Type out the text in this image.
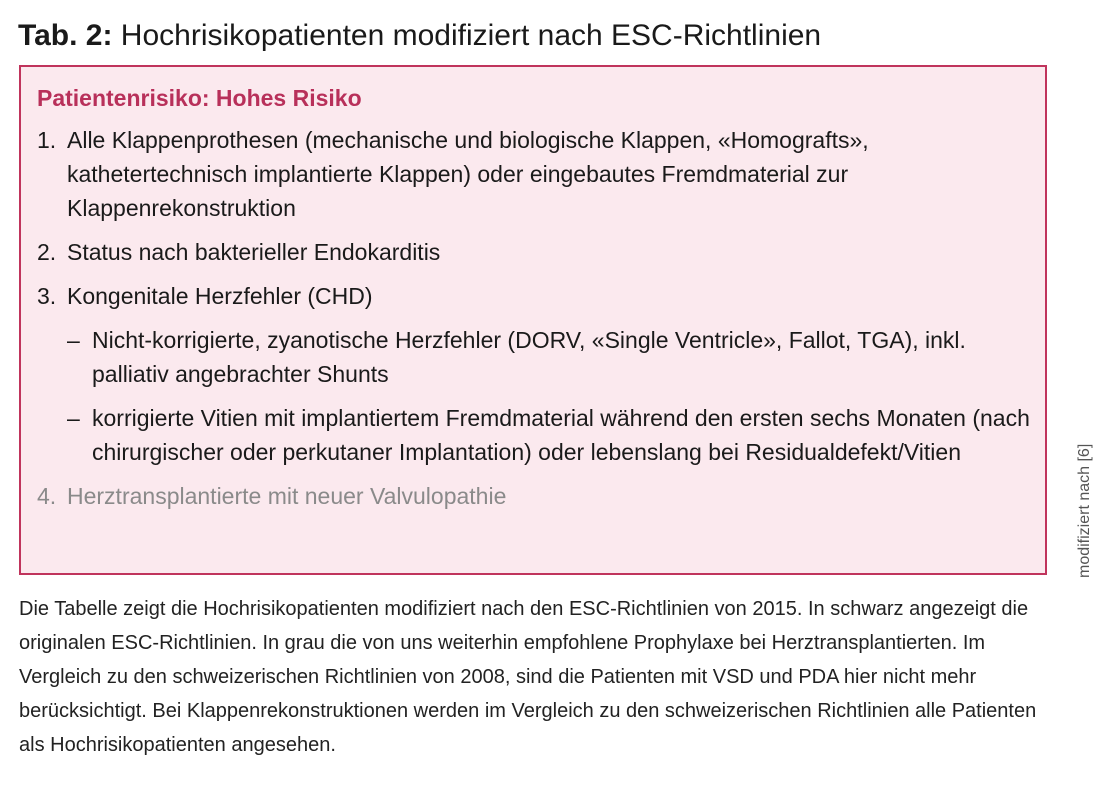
Tab. 2: Hochrisikopatienten modifiziert nach ESC-Richtlinien
Patientenrisiko: Hohes Risiko
1. Alle Klappenprothesen (mechanische und biologische Klappen, «Homografts», kathetertechnisch implantierte Klappen) oder eingebautes Fremdmaterial zur Klappenrekonstruktion
2. Status nach bakterieller Endokarditis
3. Kongenitale Herzfehler (CHD)
– Nicht-korrigierte, zyanotische Herzfehler (DORV, «Single Ventricle», Fallot, TGA), inkl. palliativ angebrachter Shunts
– korrigierte Vitien mit implantiertem Fremdmaterial während den ersten sechs Monaten (nach chirurgischer oder perkutaner Implantation) oder lebenslang bei Residualdefekt/Vitien
4. Herztransplantierte mit neuer Valvulopathie	modifiziert nach [6]
Die Tabelle zeigt die Hochrisikopatienten modifiziert nach den ESC-Richtlinien von 2015. In schwarz angezeigt die originalen ESC-Richtlinien. In grau die von uns weiterhin empfohlene Prophylaxe bei Herztransplantierten. Im Vergleich zu den schweizerischen Richtlinien von 2008, sind die Patienten mit VSD und PDA hier nicht mehr berücksichtigt. Bei Klappenrekonstruktionen werden im Vergleich zu den schweizerischen Richtlinien alle Patienten als Hochrisikopatienten angesehen.
